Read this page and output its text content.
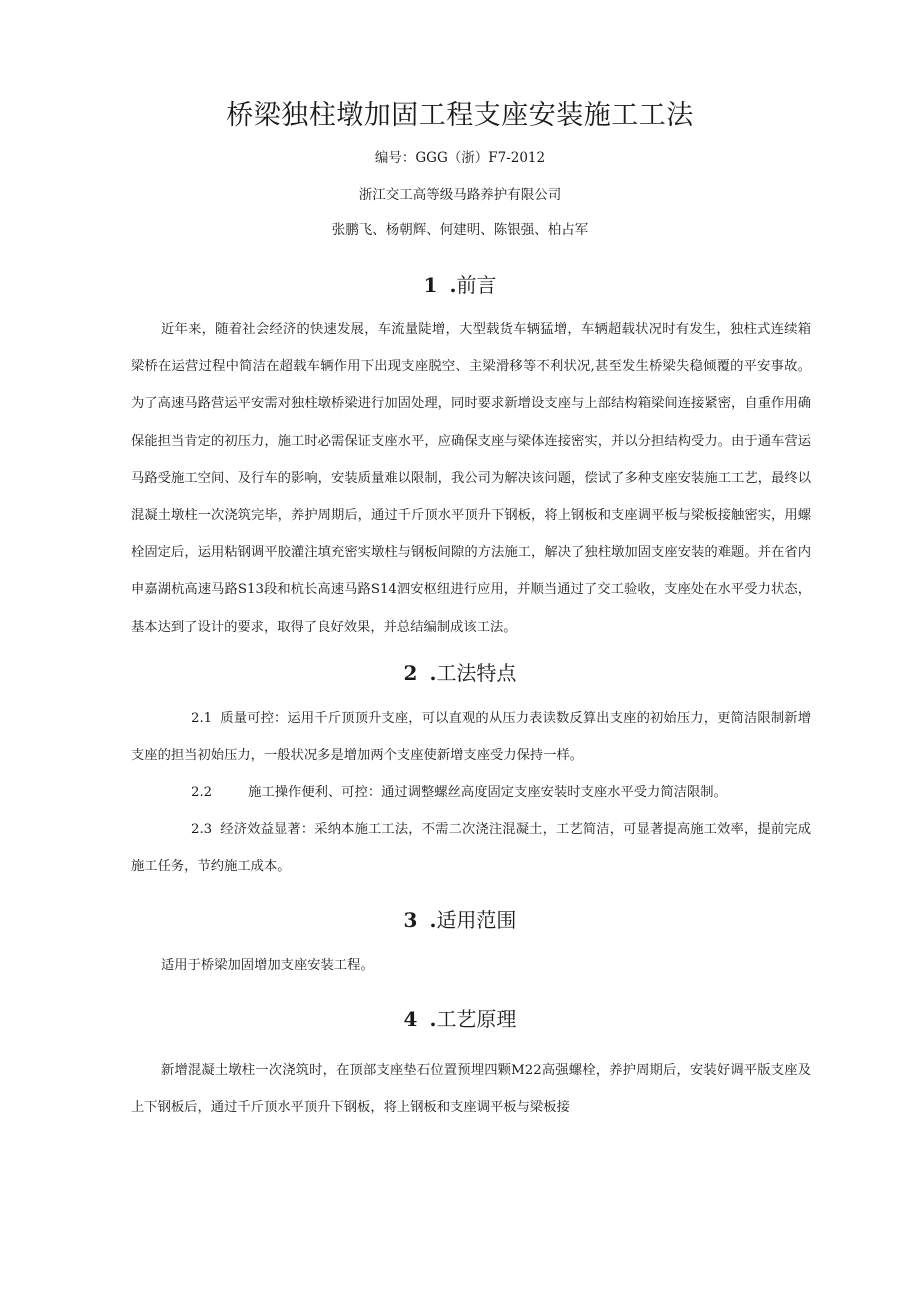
桥梁独柱墩加固工程支座安装施工工法

编号：GGG（浙）F7-2012

浙江交工高等级马路养护有限公司

张鹏飞、杨朝辉、何建明、陈银强、柏占军

1 .前言

近年来，随着社会经济的快速发展，车流量陡增，大型载货车辆猛增，车辆超载状况时有发生，独柱式连续箱梁桥在运营过程中简洁在超载车辆作用下出现支座脱空、主梁滑移等不利状况,甚至发生桥梁失稳倾覆的平安事故。为了高速马路营运平安需对独柱墩桥梁进行加固处理，同时要求新增设支座与上部结构箱梁间连接紧密，自重作用确保能担当肯定的初压力，施工时必需保证支座水平，应确保支座与梁体连接密实，并以分担结构受力。由于通车营运马路受施工空间、及行车的影响，安装质量难以限制，我公司为解决该问题，偿试了多种支座安装施工工艺，最终以混凝土墩柱一次浇筑完毕，养护周期后，通过千斤顶水平顶升下钢板，将上钢板和支座调平板与梁板接触密实，用螺栓固定后，运用粘钢调平胶灌注填充密实墩柱与钢板间隙的方法施工，解决了独柱墩加固支座安装的难题。并在省内申嘉湖杭高速马路S13段和杭长高速马路S14泗安枢纽进行应用，并顺当通过了交工验收，支座处在水平受力状态，基本达到了设计的要求，取得了良好效果，并总结编制成该工法。

2 .工法特点

2.1 质量可控：运用千斤顶顶升支座，可以直观的从压力表读数反算出支座的初始压力，更简洁限制新增支座的担当初始压力，一般状况多是增加两个支座使新增支座受力保持一样。

2.2	施工操作便利、可控：通过调整螺丝高度固定支座安装时支座水平受力简洁限制。

2.3 经济效益显著：采纳本施工工法，不需二次浇注混凝土，工艺简洁，可显著提高施工效率，提前完成施工任务，节约施工成本。

3 .适用范围

适用于桥梁加固增加支座安装工程。

4 .工艺原理

新增混凝土墩柱一次浇筑时，在顶部支座垫石位置预埋四颗M22高强螺栓，养护周期后，安装好调平版支座及上下钢板后，通过千斤顶水平顶升下钢板，将上钢板和支座调平板与梁板接
